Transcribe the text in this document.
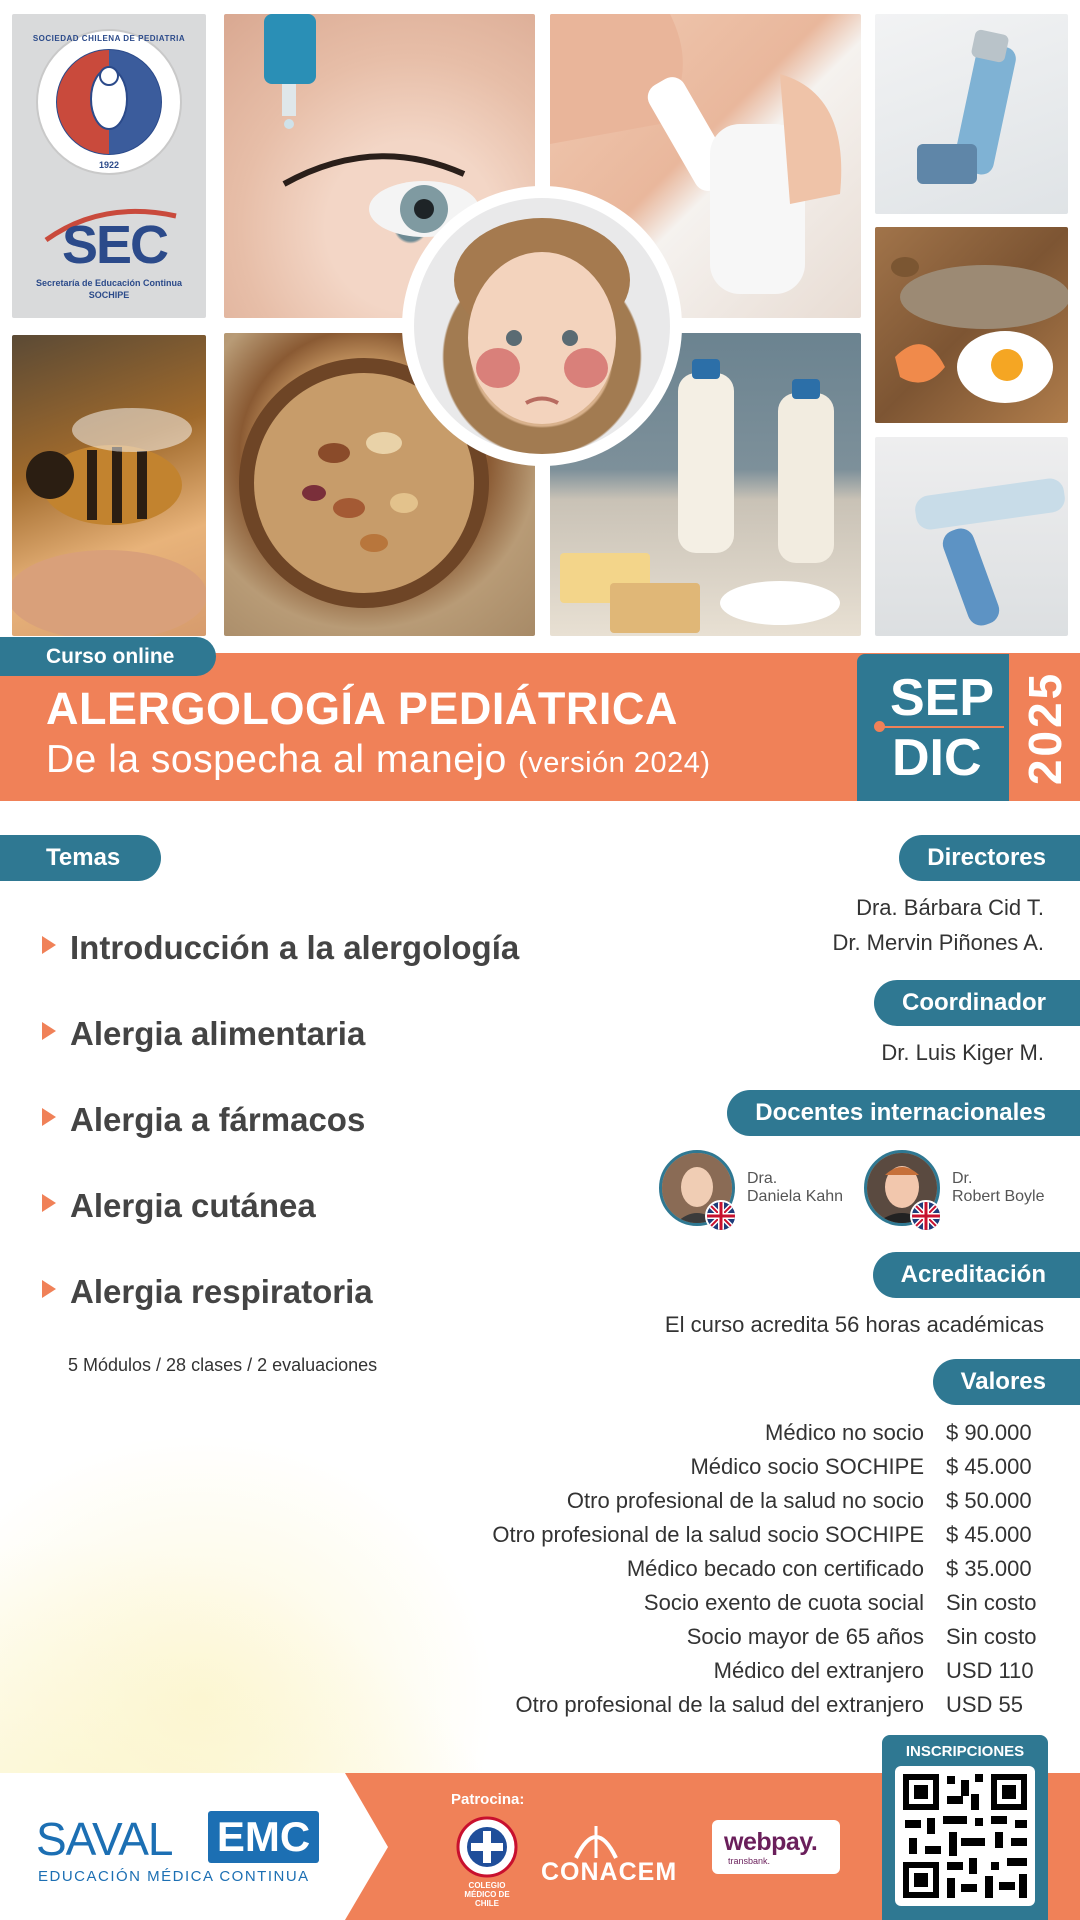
1922
SOCIEDAD CHILENA DE PEDIATRIA
SEC
Secretaría de Educación Continua
SOCHIPE
Curso online
ALERGOLOGÍA PEDIÁTRICA
De la sospecha al manejo (versión 2024)
SEP
DIC 2025
Temas
Introducción a la alergología
Alergia alimentaria
Alergia a fármacos
Alergia cutánea
Alergia respiratoria
5 Módulos / 28 clases / 2 evaluaciones
Directores
Dra. Bárbara Cid T.
Dr. Mervin Piñones A.
Coordinador
Dr. Luis Kiger M.
Docentes internacionales
Dra.
Daniela Kahn
Dr.
Robert Boyle
Acreditación
El curso acredita 56 horas académicas
Valores
Médico no socio $ 90.000
Médico socio SOCHIPE $ 45.000
Otro profesional de la salud no socio $ 50.000
Otro profesional de la salud socio SOCHIPE $ 45.000
Médico becado con certificado $ 35.000
Socio exento de cuota social Sin costo
Socio mayor de 65 años Sin costo
Médico del extranjero USD 110
Otro profesional de la salud del extranjero USD 55
SAVAL EMC
EDUCACIÓN MÉDICA CONTINUA
Patrocina:
COLEGIO MÉDICO DE CHILE
CONACEM
webpay.
transbank.
INSCRIPCIONES
